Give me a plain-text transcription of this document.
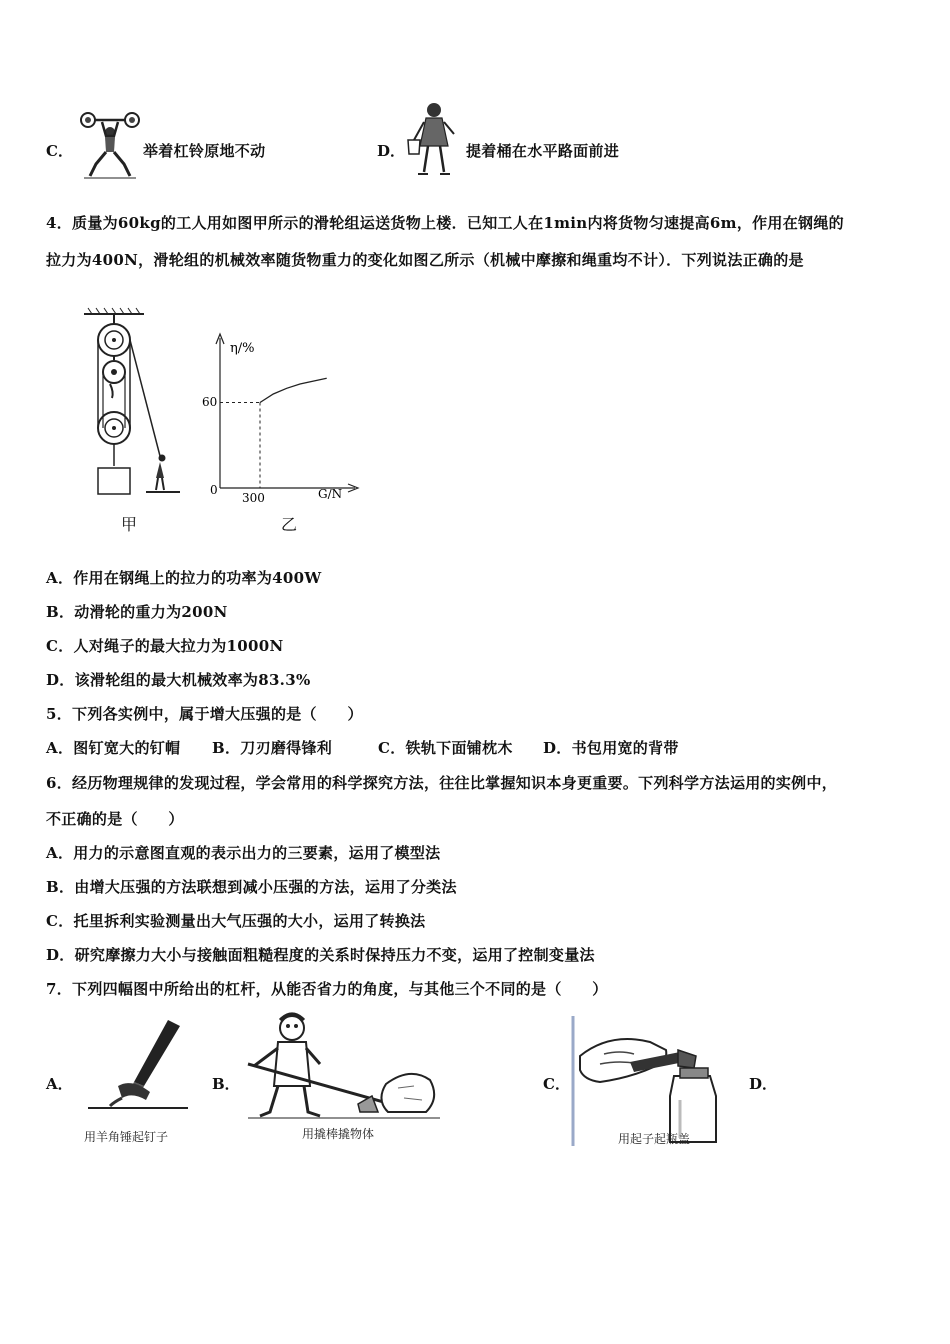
C．	举着杠铃原地不动	D．	提着桶在水平路面前进
4．质量为60kg的工人用如图甲所示的滑轮组运送货物上楼．已知工人在1min内将货物匀速提高6m，作用在钢绳的
拉力为400N，滑轮组的机械效率随货物重力的变化如图乙所示（机械中摩擦和绳重均不计）．下列说法正确的是
甲
η/%
G/N
0
300
60
乙
A．作用在钢绳上的拉力的功率为400W
B．动滑轮的重力为200N
C．人对绳子的最大拉力为1000N
D．该滑轮组的最大机械效率为83.3%
5．下列各实例中，属于增大压强的是（　　）
A．图钉宽大的钉帽 B．刀刃磨得锋利	C．铁轨下面铺枕木 D．书包用宽的背带
6．经历物理规律的发现过程，学会常用的科学探究方法，往往比掌握知识本身更重要。下列科学方法运用的实例中，
不正确的是（　　）
A．用力的示意图直观的表示出力的三要素，运用了模型法
B．由增大压强的方法联想到减小压强的方法，运用了分类法
C．托里拆利实验测量出大气压强的大小，运用了转换法
D．研究摩擦力大小与接触面粗糙程度的关系时保持压力不变，运用了控制变量法
7．下列四幅图中所给出的杠杆，从能否省力的角度，与其他三个不同的是（　　）
A．
用羊角锤起钉子
B．
用撬棒撬物体
C．
用起子起瓶盖
D．
